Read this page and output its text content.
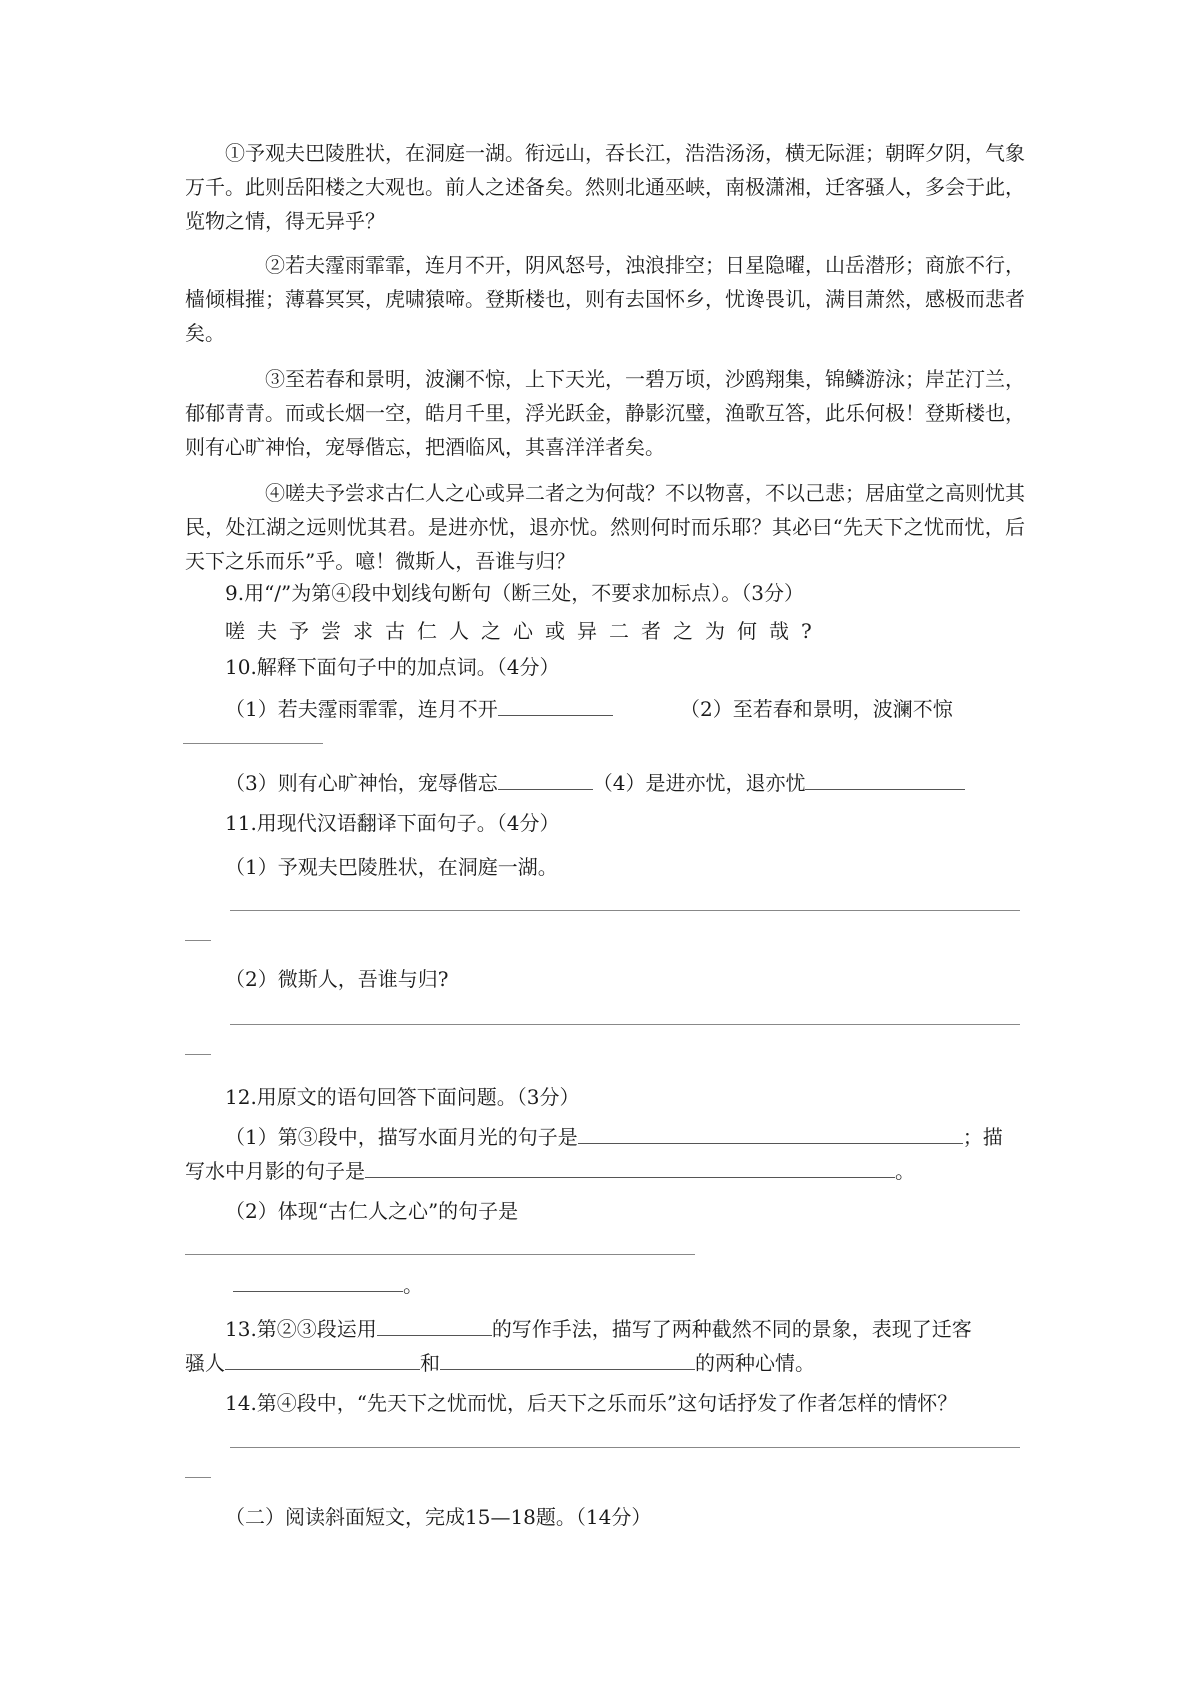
①予观夫巴陵胜状，在洞庭一湖。衔远山，吞长江，浩浩汤汤，横无际涯；朝晖夕阴，气象万千。此则岳阳楼之大观也。前人之述备矣。然则北通巫峡，南极潇湘，迁客骚人，多会于此，览物之情，得无异乎？
②若夫霪雨霏霏，连月不开，阴风怒号，浊浪排空；日星隐曜，山岳潜形；商旅不行，樯倾楫摧；薄暮冥冥，虎啸猿啼。登斯楼也，则有去国怀乡，忧谗畏讥，满目萧然，感极而悲者矣。
③至若春和景明，波澜不惊，上下天光，一碧万顷，沙鸥翔集，锦鳞游泳；岸芷汀兰，郁郁青青。而或长烟一空，皓月千里，浮光跃金，静影沉璧，渔歌互答，此乐何极！登斯楼也，则有心旷神怡，宠辱偕忘，把酒临风，其喜洋洋者矣。
④嗟夫予尝求古仁人之心或异二者之为何哉？不以物喜，不以己悲；居庙堂之高则忧其民，处江湖之远则忧其君。是进亦忧，退亦忧。然则何时而乐耶？其必曰“先天下之忧而忧，后天下之乐而乐”乎。噫！微斯人，吾谁与归？
9.用“/”为第④段中划线句断句（断三处，不要求加标点）。（3分）
嗟夫予尝求古仁人之心或异二者之为何哉?
10.解释下面句子中的加点词。（4分）
（1）若夫霪雨霏霏，连月不开	（2）至若春和景明，波澜不惊
（3）则有心旷神怡，宠辱偕忘	（4）是进亦忧，退亦忧
11.用现代汉语翻译下面句子。（4分）
（1）予观夫巴陵胜状，在洞庭一湖。
（2）微斯人，吾谁与归?
12.用原文的语句回答下面问题。（3分）
（1）第③段中，描写水面月光的句子是	；描
写水中月影的句子是	。
（2）体现“古仁人之心”的句子是
。
13.第②③段运用	的写作手法，描写了两种截然不同的景象，表现了迁客
骚人	和	的两种心情。
14.第④段中，“先天下之忧而忧，后天下之乐而乐”这句话抒发了作者怎样的情怀？
（二）阅读斜面短文，完成15—18题。（14分）
